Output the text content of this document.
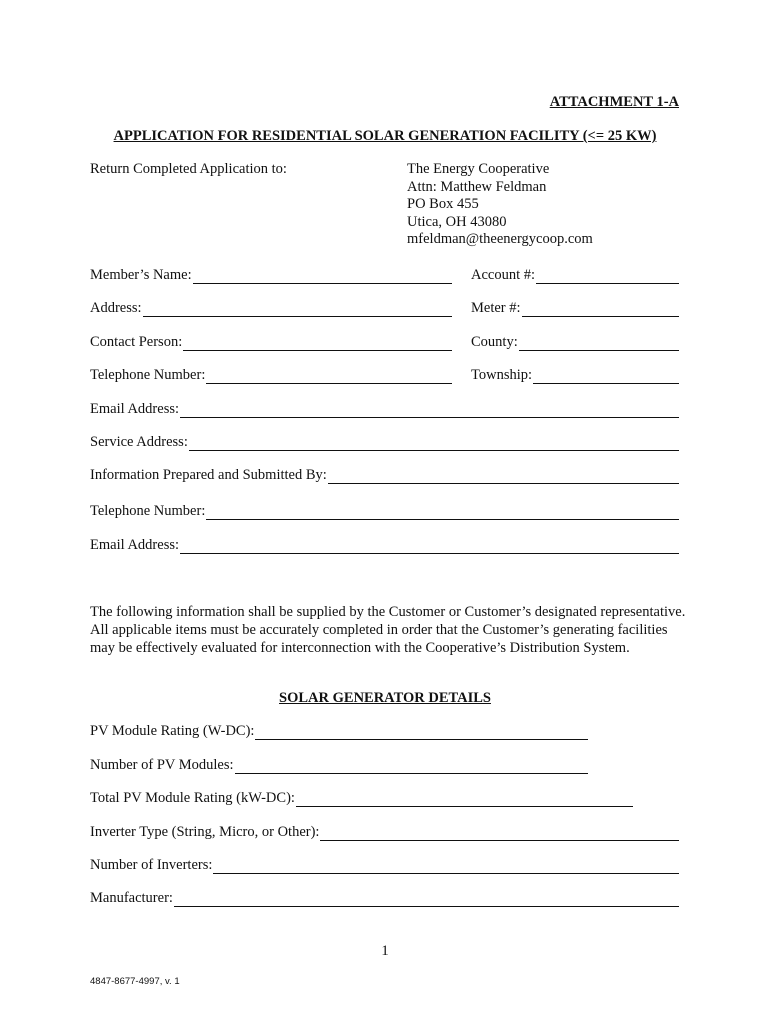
ATTACHMENT 1-A
APPLICATION FOR RESIDENTIAL SOLAR GENERATION FACILITY (<= 25 KW)
Return Completed Application to:	The Energy Cooperative
Attn: Matthew Feldman
PO Box 455
Utica, OH 43080
mfeldman@theenergycoop.com
Member’s Name:	Account #:
Address:	Meter #:
Contact Person:	County:
Telephone Number:	Township:
Email Address:
Service Address:
Information Prepared and Submitted By:
Telephone Number:
Email Address:
The following information shall be supplied by the Customer or Customer’s designated representative. All applicable items must be accurately completed in order that the Customer’s generating facilities may be effectively evaluated for interconnection with the Cooperative’s Distribution System.
SOLAR GENERATOR DETAILS
PV Module Rating (W-DC):
Number of PV Modules:
Total PV Module Rating (kW-DC):
Inverter Type (String, Micro, or Other):
Number of Inverters:
Manufacturer:
1
4847-8677-4997, v. 1
